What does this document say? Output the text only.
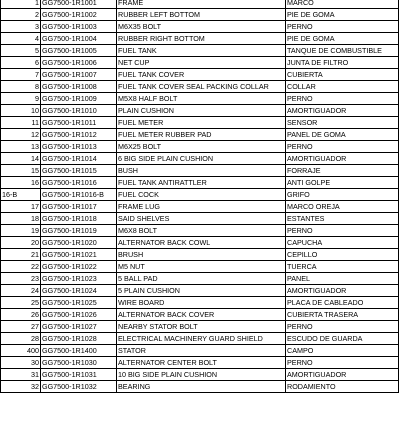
1	GG7500-1R1001	FRAME	MARCO

2	GG7500-1R1002	RUBBER LEFT BOTTOM	PIE DE GOMA

3	GG7500-1R1003	M6X35 BOLT	PERNO

4	GG7500-1R1004	RUBBER RIGHT BOTTOM	PIE DE GOMA

5	GG7500-1R1005	FUEL TANK	TANQUE DE COMBUSTIBLE

6	GG7500-1R1006	NET CUP	JUNTA DE FILTRO

7	GG7500-1R1007	FUEL TANK COVER	CUBIERTA

8	GG7500-1R1008	FUEL TANK COVER SEAL PACKING COLLAR	COLLAR

9	GG7500-1R1009	M5X8 HALF BOLT	PERNO

10	GG7500-1R1010	PLAIN CUSHION	AMORTIGUADOR

11	GG7500-1R1011	FUEL METER	SENSOR

12	GG7500-1R1012	FUEL METER RUBBER PAD	PANEL DE GOMA

13	GG7500-1R1013	M6X25 BOLT	PERNO

14	GG7500-1R1014	6 BIG SIDE PLAIN CUSHION	AMORTIGUADOR

15	GG7500-1R1015	BUSH	FORRAJE

16	GG7500-1R1016	FUEL TANK ANTIRATTLER	ANTI GOLPE

16-B	GG7500-1R1016-B	FUEL COCK	GRIFO

17	GG7500-1R1017	FRAME LUG	MARCO OREJA

18	GG7500-1R1018	SAID SHELVES	ESTANTES

19	GG7500-1R1019	M6X8 BOLT	PERNO

20	GG7500-1R1020	ALTERNATOR BACK COWL	CAPUCHA

21	GG7500-1R1021	BRUSH	CEPILLO

22	GG7500-1R1022	M5 NUT	TUERCA

23	GG7500-1R1023	5 BALL PAD	PANEL

24	GG7500-1R1024	5 PLAIN CUSHION	AMORTIGUADOR

25	GG7500-1R1025	WIRE BOARD	PLACA DE CABLEADO

26	GG7500-1R1026	ALTERNATOR BACK COVER	CUBIERTA TRASERA

27	GG7500-1R1027	NEARBY STATOR BOLT	PERNO

28	GG7500-1R1028	ELECTRICAL MACHINERY GUARD SHIELD	ESCUDO DE GUARDA

400	GG7500-1R1400	STATOR	CAMPO

30	GG7500-1R1030	ALTERNATOR CENTER BOLT	PERNO

31	GG7500-1R1031	10 BIG SIDE PLAIN CUSHION	AMORTIGUADOR

32	GG7500-1R1032	BEARING	RODAMIENTO
